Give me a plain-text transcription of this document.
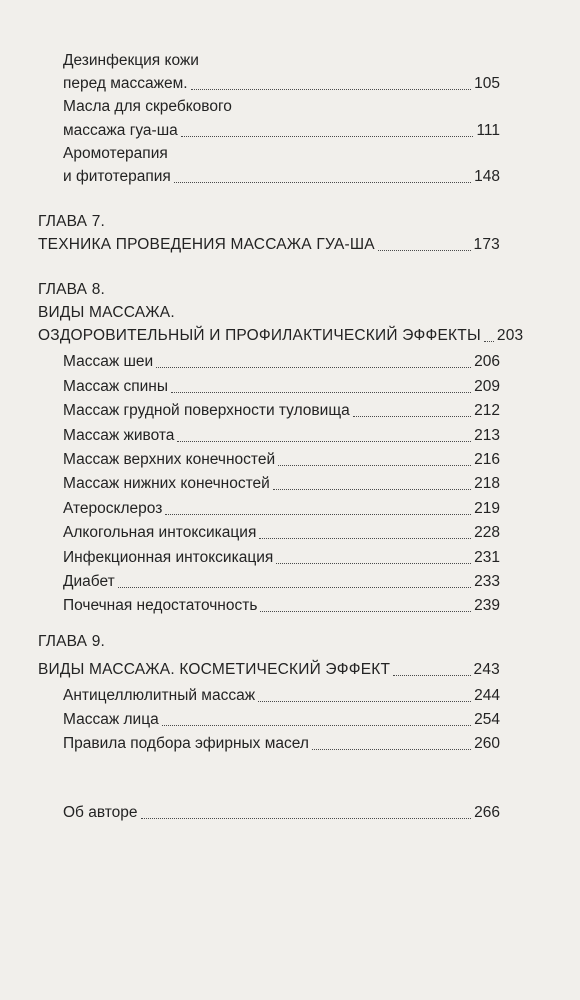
Дезинфекция кожи
перед массажем.	105
Масла для скребкового
массажа гуа-ша	111
Аромотерапия
и фитотерапия	148
ГЛАВА 7.
ТЕХНИКА ПРОВЕДЕНИЯ МАССАЖА ГУА-ША	173
ГЛАВА 8.
ВИДЫ МАССАЖА.
ОЗДОРОВИТЕЛЬНЫЙ И ПРОФИЛАКТИЧЕСКИЙ ЭФФЕКТЫ 203
Массаж шеи	206
Массаж спины	209
Массаж грудной поверхности туловища	212
Массаж живота	213
Массаж верхних конечностей	216
Массаж нижних конечностей	218
Атеросклероз	219
Алкогольная интоксикация	228
Инфекционная интоксикация	231
Диабет	233
Почечная недостаточность	239
ГЛАВА 9.
ВИДЫ МАССАЖА. КОСМЕТИЧЕСКИЙ ЭФФЕКТ	243
Антицеллюлитный массаж	244
Массаж лица	254
Правила подбора эфирных масел	260
Об авторе	266
